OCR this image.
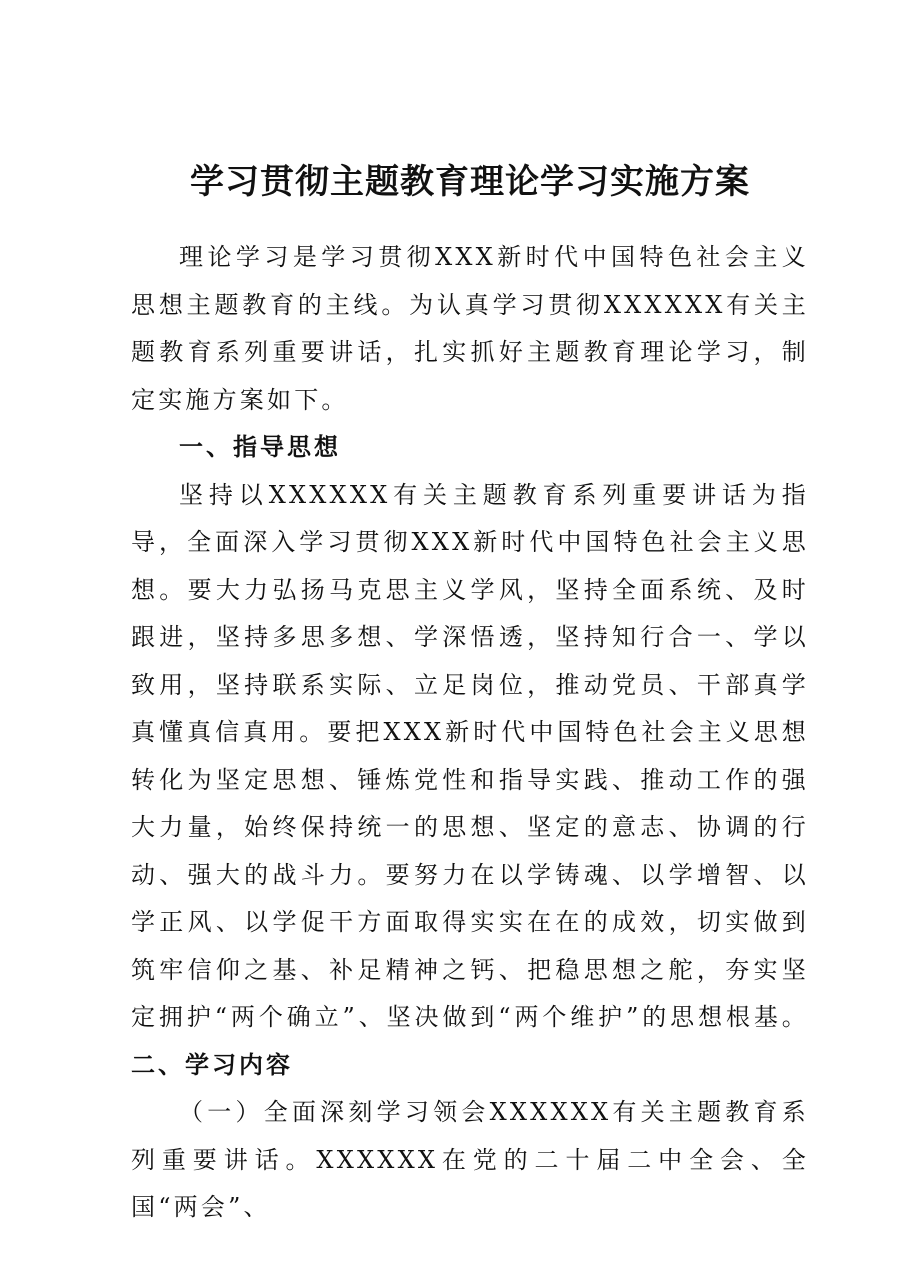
学习贯彻主题教育理论学习实施方案

理论学习是学习贯彻XXX新时代中国特色社会主义思想主题教育的主线。为认真学习贯彻XXXXXX有关主题教育系列重要讲话，扎实抓好主题教育理论学习，制定实施方案如下。

一、指导思想

坚持以XXXXXX有关主题教育系列重要讲话为指导，全面深入学习贯彻XXX新时代中国特色社会主义思想。要大力弘扬马克思主义学风，坚持全面系统、及时跟进，坚持多思多想、学深悟透，坚持知行合一、学以致用，坚持联系实际、立足岗位，推动党员、干部真学真懂真信真用。要把XXX新时代中国特色社会主义思想转化为坚定思想、锤炼党性和指导实践、推动工作的强大力量，始终保持统一的思想、坚定的意志、协调的行动、强大的战斗力。要努力在以学铸魂、以学增智、以学正风、以学促干方面取得实实在在的成效，切实做到筑牢信仰之基、补足精神之钙、把稳思想之舵，夯实坚定拥护“两个确立”、坚决做到“两个维护”的思想根基。二、学习内容

（一）全面深刻学习领会XXXXXX有关主题教育系列重要讲话。XXXXXX在党的二十届二中全会、全国“两会”、
